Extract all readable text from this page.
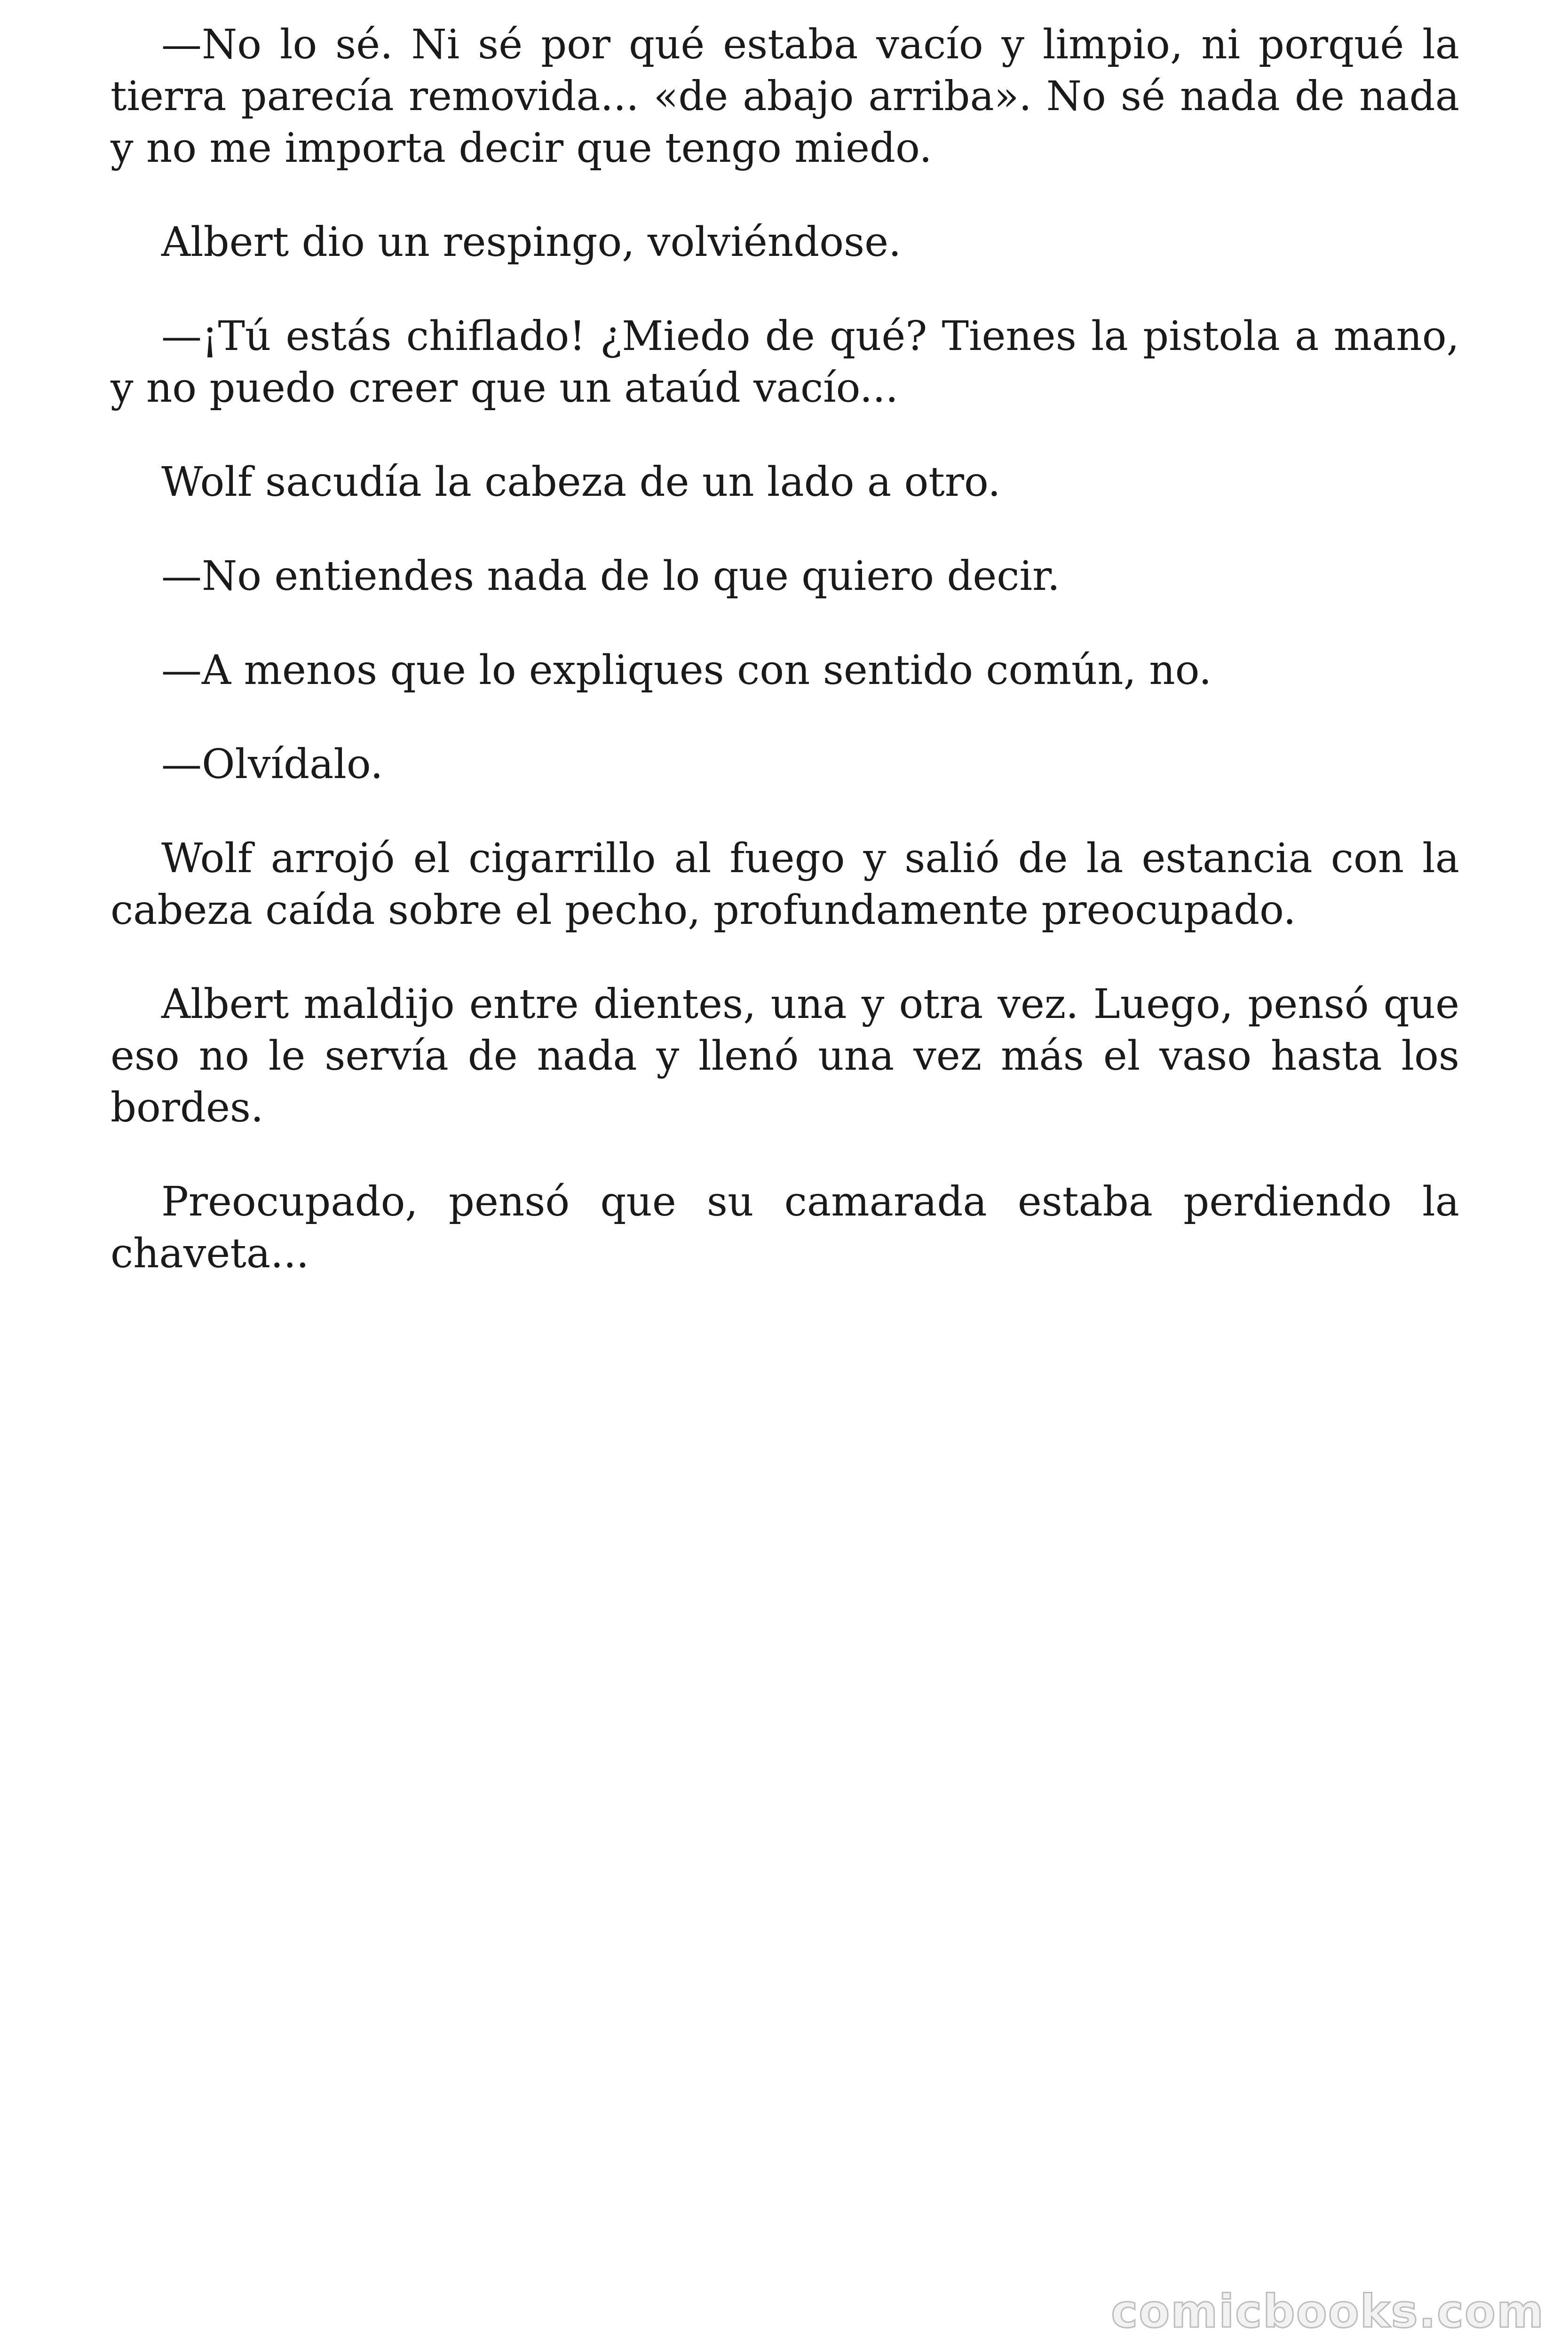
—No lo sé. Ni sé por qué estaba vacío y limpio, ni porqué la tierra parecía removida... «de abajo arriba». No sé nada de nada y no me importa decir que tengo miedo.

Albert dio un respingo, volviéndose.

—¡Tú estás chiflado! ¿Miedo de qué? Tienes la pistola a mano, y no puedo creer que un ataúd vacío...

Wolf sacudía la cabeza de un lado a otro.

—No entiendes nada de lo que quiero decir.

—A menos que lo expliques con sentido común, no.

—Olvídalo.

Wolf arrojó el cigarrillo al fuego y salió de la estancia con la cabeza caída sobre el pecho, profundamente preocupado.

Albert maldijo entre dientes, una y otra vez. Luego, pensó que eso no le servía de nada y llenó una vez más el vaso hasta los bordes.

Preocupado, pensó que su camarada estaba perdiendo la chaveta...

comicbooks.com
